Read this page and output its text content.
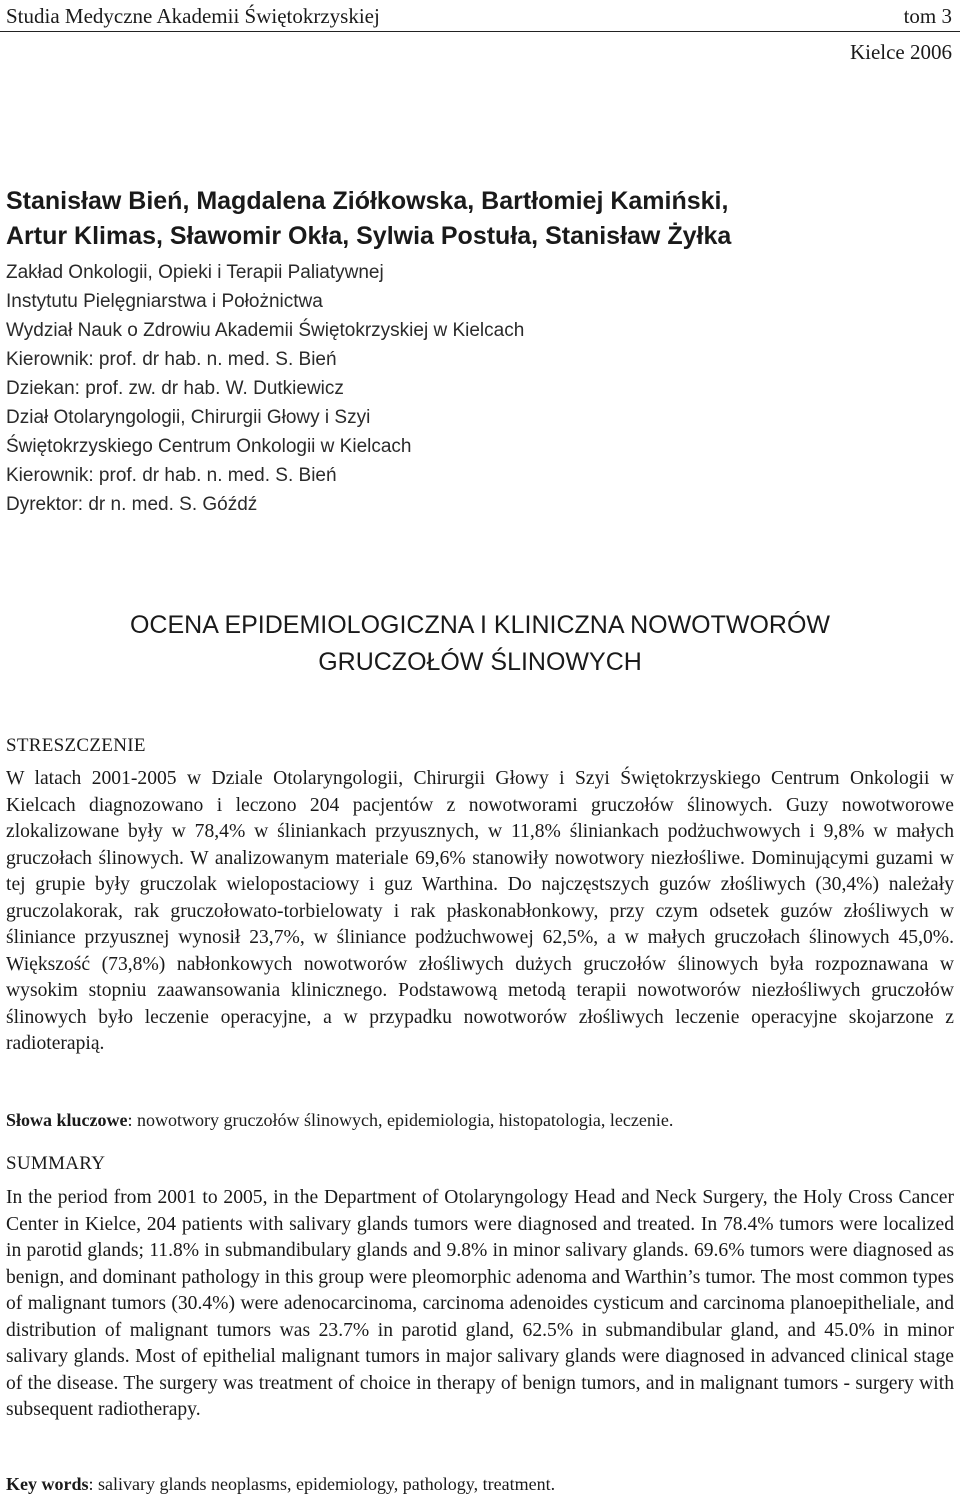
Studia Medyczne Akademii Świętokrzyskiej	tom 3
Kielce 2006
Stanisław Bień, Magdalena Ziółkowska, Bartłomiej Kamiński,
Artur Klimas, Sławomir Okła, Sylwia Postuła, Stanisław Żyłka
Zakład Onkologii, Opieki i Terapii Paliatywnej
Instytutu Pielęgniarstwa i Położnictwa
Wydział Nauk o Zdrowiu Akademii Świętokrzyskiej w Kielcach
Kierownik: prof. dr hab. n. med. S. Bień
Dziekan: prof. zw. dr hab. W. Dutkiewicz
Dział Otolaryngologii, Chirurgii Głowy i Szyi
Świętokrzyskiego Centrum Onkologii w Kielcach
Kierownik: prof. dr hab. n. med. S. Bień
Dyrektor: dr n. med. S. Góźdź
OCENA EPIDEMIOLOGICZNA I KLINICZNA NOWOTWORÓW
GRUCZOŁÓW ŚLINOWYCH
STRESZCZENIE
W latach 2001-2005 w Dziale Otolaryngologii, Chirurgii Głowy i Szyi Świętokrzyskiego Centrum Onkologii w Kielcach diagnozowano i leczono 204 pacjentów z nowotworami gruczołów ślinowych. Guzy nowotworowe zlokalizowane były w 78,4% w śliniankach przyusznych, w 11,8% śliniankach podżuchwowych i 9,8% w małych gruczołach ślinowych. W analizowanym materiale 69,6% stanowiły nowotwory niezłośliwe. Dominującymi guzami w tej grupie były gruczolak wielopostaciowy i guz Warthina. Do najczęstszych guzów złośliwych (30,4%) należały gruczolakorak, rak gruczołowato-torbielowaty i rak płaskonabłonkowy, przy czym odsetek guzów złośliwych w śliniance przyusznej wynosił 23,7%, w śliniance podżuchwowej 62,5%, a w małych gruczołach ślinowych 45,0%. Większość (73,8%) nabłonkowych nowotworów złośliwych dużych gruczołów ślinowych była rozpoznawana w wysokim stopniu zaawansowania klinicznego. Podstawową metodą terapii nowotworów niezłośliwych gruczołów ślinowych było leczenie operacyjne, a w przypadku nowotworów złośliwych leczenie operacyjne skojarzone z radioterapią.
Słowa kluczowe: nowotwory gruczołów ślinowych, epidemiologia, histopatologia, leczenie.
SUMMARY
In the period from 2001 to 2005, in the Department of Otolaryngology Head and Neck Surgery, the Holy Cross Cancer Center in Kielce, 204 patients with salivary glands tumors were diagnosed and treated. In 78.4% tumors were localized in parotid glands; 11.8% in submandibulary glands and 9.8% in minor salivary glands. 69.6% tumors were diagnosed as benign, and dominant pathology in this group were pleomorphic adenoma and Warthin’s tumor. The most common types of malignant tumors (30.4%) were adenocarcinoma, carcinoma adenoides cysticum and carcinoma planoepitheliale, and distribution of malignant tumors was 23.7% in parotid gland, 62.5% in submandibular gland, and 45.0% in minor salivary glands. Most of epithelial malignant tumors in major salivary glands were diagnosed in advanced clinical stage of the disease. The surgery was treatment of choice in therapy of benign tumors, and in malignant tumors - surgery with subsequent radiotherapy.
Key words: salivary glands neoplasms, epidemiology, pathology, treatment.
